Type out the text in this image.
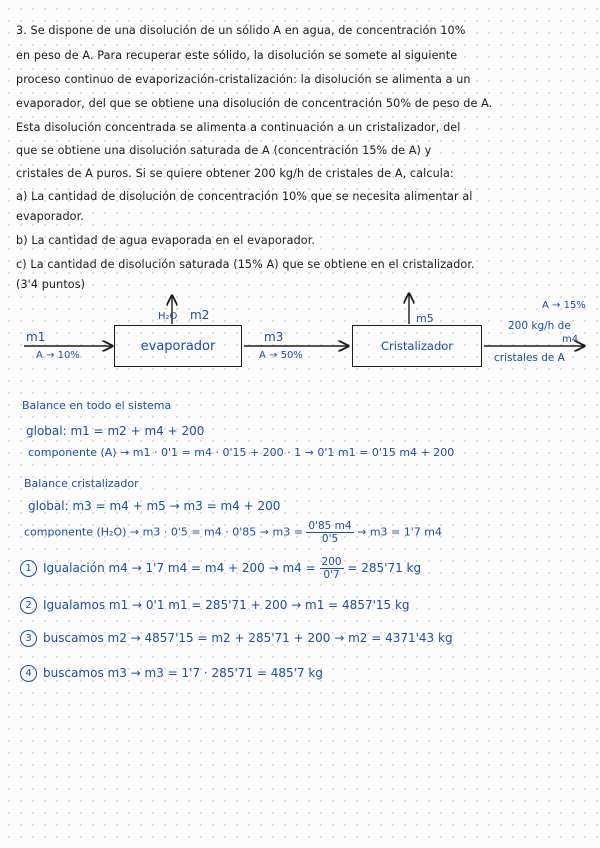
3. Se dispone de una disolución de un sólido A en agua, de concentración 10%
en peso de A. Para recuperar este sólido, la disolución se somete al siguiente
proceso continuo de evaporización-cristalización: la disolución se alimenta a un
evaporador, del que se obtiene una disolución de concentración 50% de peso de A.
Esta disolución concentrada se alimenta a continuación a un cristalizador, del
que se obtiene una disolución saturada de A (concentración 15% de A) y
cristales de A puros. Si se quiere obtener 200 kg/h de cristales de A, calcula:
a) La cantidad de disolución de concentración 10% que se necesita alimentar al
evaporador.
b) La cantidad de agua evaporada en el evaporador.
c) La cantidad de disolución saturada (15% A) que se obtiene en el cristalizador.
(3'4 puntos)
evaporador	Cristalizador
m1
A → 10%
H₂O m2
m3
A → 50%
m5
A → 15%
200 kg/h de
m4
cristales de A
Balance en todo el sistema
global: m1 = m2 + m4 + 200
componente (A) → m1 · 0'1 = m4 · 0'15 + 200 · 1 → 0'1 m1 = 0'15 m4 + 200
Balance cristalizador
global: m3 = m4 + m5 → m3 = m4 + 200
componente $(H_2O) \to m3 \cdot 0'5 = m4 \cdot 0'85 \to m3 = \frac{0'85 m4}{0'5} \to m3 = 1'7$ m4
1 Igualación m4 → 1'7 $m4 = m4 + 200 \to m4 = \frac{200}{0'7} = 285'71$ kg
2 Igualamos m1 → 0'1 m1 = 285'71 + 200 → m1 = 4857'15 kg
3 buscamos m2 → 4857'15 = m2 + 285'71 + 200 → m2 = 4371'43 kg
4 buscamos m3 → m3 = 1'7 · 285'71 = 485'7 kg
